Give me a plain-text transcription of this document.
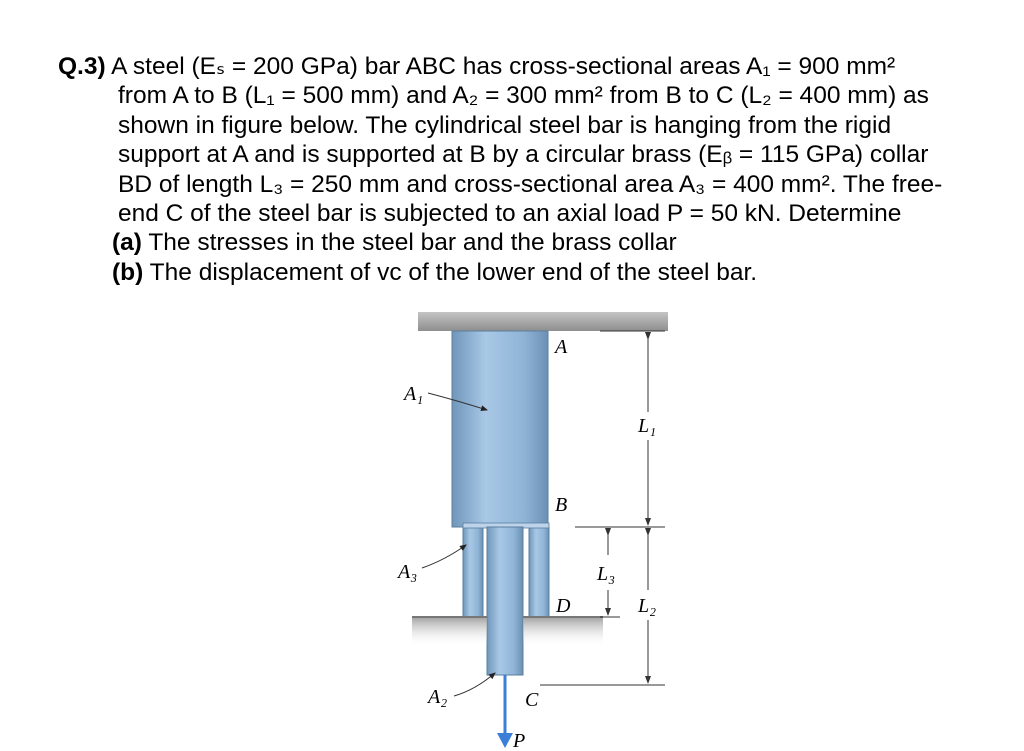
Q.3) A steel (Eₛ = 200 GPa) bar ABC has cross-sectional areas A₁ = 900 mm²
from A to B (L₁ = 500 mm) and A₂ = 300 mm² from B to C (L₂ = 400 mm) as
shown in figure below. The cylindrical steel bar is hanging from the rigid
support at A and is supported at B by a circular brass (Eᵦ = 115 GPa) collar
BD of length L₃ = 250 mm and cross-sectional area A₃ = 400 mm². The free-
end C of the steel bar is subjected to an axial load P = 50 kN. Determine
(a) The stresses in the steel bar and the brass collar
(b) The displacement of vᴄ of the lower end of the steel bar.
A
B
D
C
P
A₁
A₃
A₂
L₁
L₃
L₂
